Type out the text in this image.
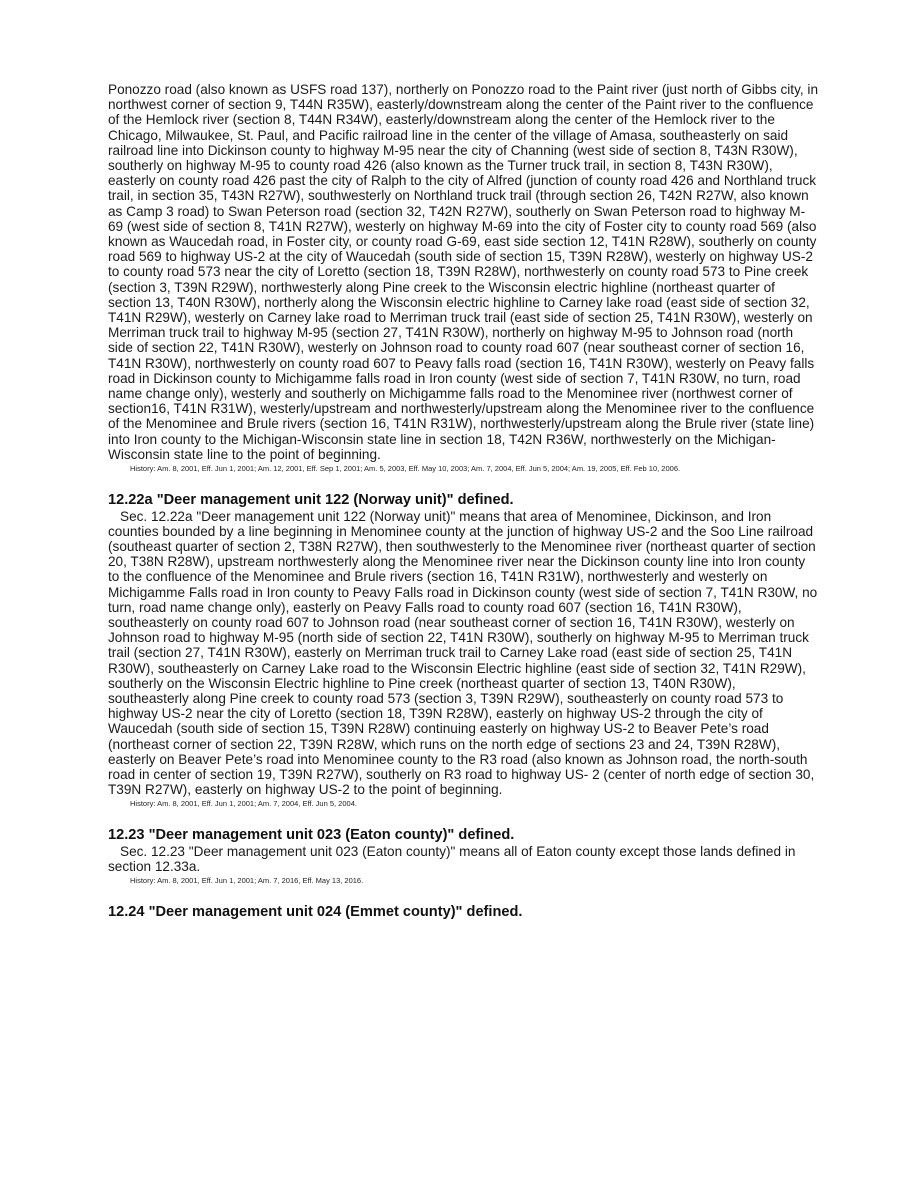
Ponozzo road (also known as USFS road 137), northerly on Ponozzo road to the Paint river (just north of Gibbs city, in northwest corner of section 9, T44N R35W), easterly/downstream along the center of the Paint river to the confluence of the Hemlock river (section 8, T44N R34W), easterly/downstream along the center of the Hemlock river to the Chicago, Milwaukee, St. Paul, and Pacific railroad line in the center of the village of Amasa, southeasterly on said railroad line into Dickinson county to highway M-95 near the city of Channing (west side of section 8, T43N R30W), southerly on highway M-95 to county road 426 (also known as the Turner truck trail, in section 8, T43N R30W), easterly on county road 426 past the city of Ralph to the city of Alfred (junction of county road 426 and Northland truck trail, in section 35, T43N R27W), southwesterly on Northland truck trail (through section 26, T42N R27W, also known as Camp 3 road) to Swan Peterson road (section 32, T42N R27W), southerly on Swan Peterson road to highway M-69 (west side of section 8, T41N R27W), westerly on highway M-69 into the city of Foster city to county road 569 (also known as Waucedah road, in Foster city, or county road G-69, east side section 12, T41N R28W), southerly on county road 569 to highway US-2 at the city of Waucedah (south side of section 15, T39N R28W), westerly on highway US-2 to county road 573 near the city of Loretto (section 18, T39N R28W), northwesterly on county road 573 to Pine creek (section 3, T39N R29W), northwesterly along Pine creek to the Wisconsin electric highline (northeast quarter of section 13, T40N R30W), northerly along the Wisconsin electric highline to Carney lake road (east side of section 32, T41N R29W), westerly on Carney lake road to Merriman truck trail (east side of section 25, T41N R30W), westerly on Merriman truck trail to highway M-95 (section 27, T41N R30W), northerly on highway M-95 to Johnson road (north side of section 22, T41N R30W), westerly on Johnson road to county road 607 (near southeast corner of section 16, T41N R30W), northwesterly on county road 607 to Peavy falls road (section 16, T41N R30W), westerly on Peavy falls road in Dickinson county to Michigamme falls road in Iron county (west side of section 7, T41N R30W, no turn, road name change only), westerly and southerly on Michigamme falls road to the Menominee river (northwest corner of section16, T41N R31W), westerly/upstream and northwesterly/upstream along the Menominee river to the confluence of the Menominee and Brule rivers (section 16, T41N R31W), northwesterly/upstream along the Brule river (state line) into Iron county to the Michigan-Wisconsin state line in section 18, T42N R36W, northwesterly on the Michigan- Wisconsin state line to the point of beginning.

History: Am. 8, 2001, Eff. Jun 1, 2001; Am. 12, 2001, Eff. Sep 1, 2001; Am. 5, 2003, Eff. May 10, 2003; Am. 7, 2004, Eff. Jun 5, 2004; Am. 19, 2005, Eff. Feb 10, 2006.

12.22a "Deer management unit 122 (Norway unit)" defined.

Sec. 12.22a "Deer management unit 122 (Norway unit)" means that area of Menominee, Dickinson, and Iron counties bounded by a line beginning in Menominee county at the junction of highway US-2 and the Soo Line railroad (southeast quarter of section 2, T38N R27W), then southwesterly to the Menominee river (northeast quarter of section 20, T38N R28W), upstream northwesterly along the Menominee river near the Dickinson county line into Iron county to the confluence of the Menominee and Brule rivers (section 16, T41N R31W), northwesterly and westerly on Michigamme Falls road in Iron county to Peavy Falls road in Dickinson county (west side of section 7, T41N R30W, no turn, road name change only), easterly on Peavy Falls road to county road 607 (section 16, T41N R30W), southeasterly on county road 607 to Johnson road (near southeast corner of section 16, T41N R30W), westerly on Johnson road to highway M-95 (north side of section 22, T41N R30W), southerly on highway M-95 to Merriman truck trail (section 27, T41N R30W), easterly on Merriman truck trail to Carney Lake road (east side of section 25, T41N R30W), southeasterly on Carney Lake road to the Wisconsin Electric highline (east side of section 32, T41N R29W), southerly on the Wisconsin Electric highline to Pine creek (northeast quarter of section 13, T40N R30W), southeasterly along Pine creek to county road 573 (section 3, T39N R29W), southeasterly on county road 573 to highway US-2 near the city of Loretto (section 18, T39N R28W), easterly on highway US-2 through the city of Waucedah (south side of section 15, T39N R28W) continuing easterly on highway US-2 to Beaver Pete’s road (northeast corner of section 22, T39N R28W, which runs on the north edge of sections 23 and 24, T39N R28W), easterly on Beaver Pete’s road into Menominee county to the R3 road (also known as Johnson road, the north-south road in center of section 19, T39N R27W), southerly on R3 road to highway US- 2 (center of north edge of section 30, T39N R27W), easterly on highway US-2 to the point of beginning.

History: Am. 8, 2001, Eff. Jun 1, 2001; Am. 7, 2004, Eff. Jun 5, 2004.

12.23 "Deer management unit 023 (Eaton county)" defined.

Sec. 12.23 "Deer management unit 023 (Eaton county)" means all of Eaton county except those lands defined in section 12.33a.

History: Am. 8, 2001, Eff. Jun 1, 2001; Am. 7, 2016, Eff. May 13, 2016.

12.24 "Deer management unit 024 (Emmet county)" defined.
